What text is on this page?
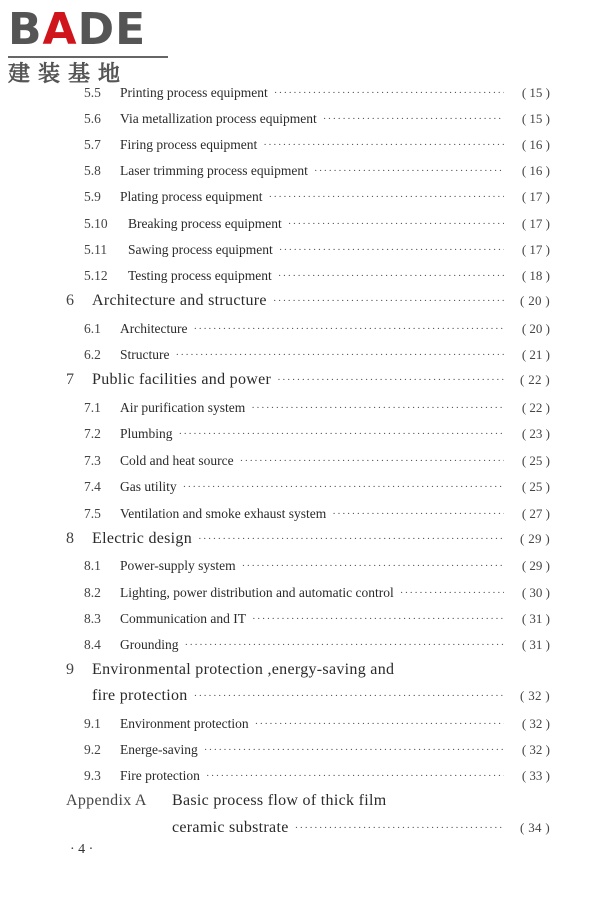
BADE
建装基地
5.5	Printing process equipment ·····	( 15 )
5.6	Via metallization process equipment ·····	( 15 )
5.7	Firing process equipment ·····	( 16 )
5.8	Laser trimming process equipment ·····	( 16 )
5.9	Plating process equipment ·····	( 17 )
5.10	Breaking process equipment ·····	( 17 )
5.11	Sawing process equipment ·····	( 17 )
5.12	Testing process equipment ·····	( 18 )
6	Architecture and structure ·····	( 20 )
6.1	Architecture ·····	( 20 )
6.2	Structure ·····	( 21 )
7	Public facilities and power ·····	( 22 )
7.1	Air purification system ·····	( 22 )
7.2	Plumbing ·····	( 23 )
7.3	Cold and heat source ·····	( 25 )
7.4	Gas utility ·····	( 25 )
7.5	Ventilation and smoke exhaust system ·····	( 27 )
8	Electric design ·····	( 29 )
8.1	Power-supply system ·····	( 29 )
8.2	Lighting, power distribution and automatic control ·····	( 30 )
8.3	Communication and IT ·····	( 31 )
8.4	Grounding ·····	( 31 )
9	Environmental protection ,energy-saving and
fire protection ·····	( 32 )
9.1	Environment protection ·····	( 32 )
9.2	Energe-saving ·····	( 32 )
9.3	Fire protection ·····	( 33 )
Appendix A	Basic process flow of thick film
ceramic substrate ·····	( 34 )
· 4 ·
